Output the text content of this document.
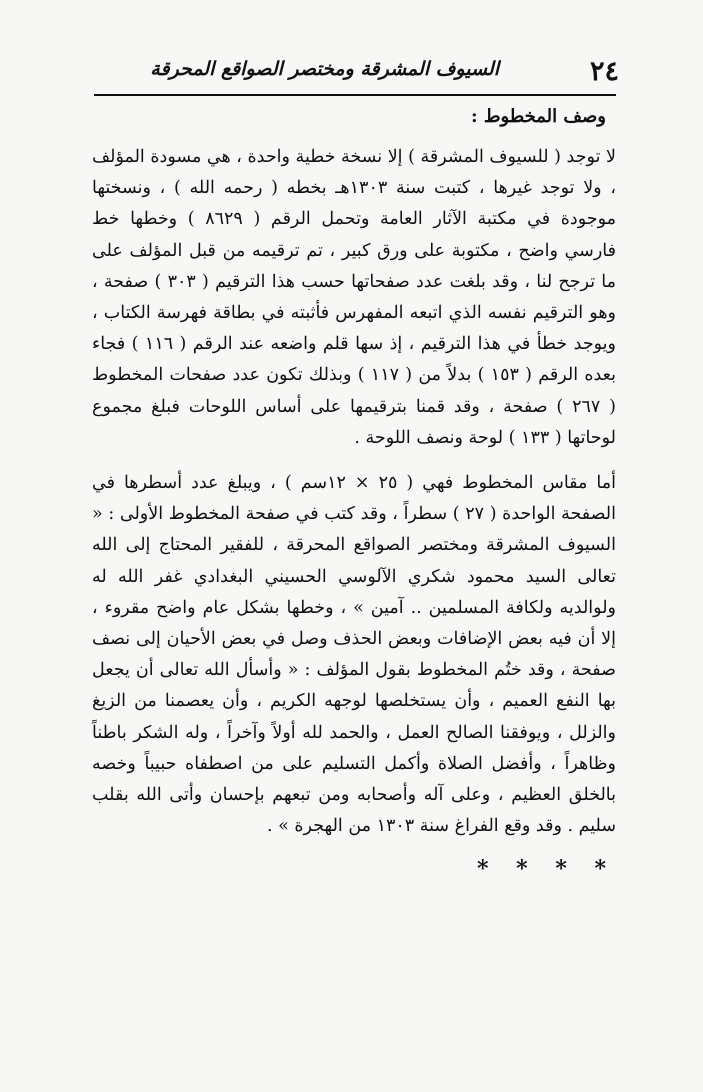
٢٤
السيوف المشرقة ومختصر الصواقع المحرقة
وصف المخطوط :

لا توجد ( للسيوف المشرقة ) إلا نسخة خطية واحدة ، هي مسودة المؤلف ، ولا توجد غيرها ، كتبت سنة ١٣٠٣هـ بخطه ( رحمه الله ) ، ونسختها موجودة في مكتبة الآثار العامة وتحمل الرقم ( ٨٦٢٩ ) وخطها خط فارسي واضح ، مكتوبة على ورق كبير ، تم ترقيمه من قبل المؤلف على ما ترجح لنا ، وقد بلغت عدد صفحاتها حسب هذا الترقيم ( ٣٠٣ ) صفحة ، وهو الترقيم نفسه الذي اتبعه المفهرس فأثبته في بطاقة فهرسة الكتاب ، ويوجد خطأ في هذا الترقيم ، إذ سها قلم واضعه عند الرقم ( ١١٦ ) فجاء بعده الرقم ( ١٥٣ ) بدلاً من ( ١١٧ ) وبذلك تكون عدد صفحات المخطوط ( ٢٦٧ ) صفحة ، وقد قمنا بترقيمها على أساس اللوحات فبلغ مجموع لوحاتها ( ١٣٣ ) لوحة ونصف اللوحة .

أما مقاس المخطوط فهي ( ٢٥ × ١٢سم ) ، ويبلغ عدد أسطرها في الصفحة الواحدة ( ٢٧ ) سطراً ، وقد كتب في صفحة المخطوط الأولى : « السيوف المشرقة ومختصر الصواقع المحرقة ، للفقير المحتاج إلى الله تعالى السيد محمود شكري الآلوسي الحسيني البغدادي غفر الله له ولوالديه ولكافة المسلمين .. آمين » ، وخطها بشكل عام واضح مقروء ، إلا أن فيه بعض الإضافات وبعض الحذف وصل في بعض الأحيان إلى نصف صفحة ، وقد ختُم المخطوط بقول المؤلف : « وأسأل الله تعالى أن يجعل بها النفع العميم ، وأن يستخلصها لوجهه الكريم ، وأن يعصمنا من الزيغ والزلل ، ويوفقنا الصالح العمل ، والحمد لله أولاً وآخراً ، وله الشكر باطناً وظاهراً ، وأفضل الصلاة وأكمل التسليم على من اصطفاه حبيباً وخصه بالخلق العظيم ، وعلى آله وأصحابه ومن تبعهم بإحسان وأتى الله بقلب سليم . وقد وقع الفراغ سنة ١٣٠٣ من الهجرة » .

* * * *
